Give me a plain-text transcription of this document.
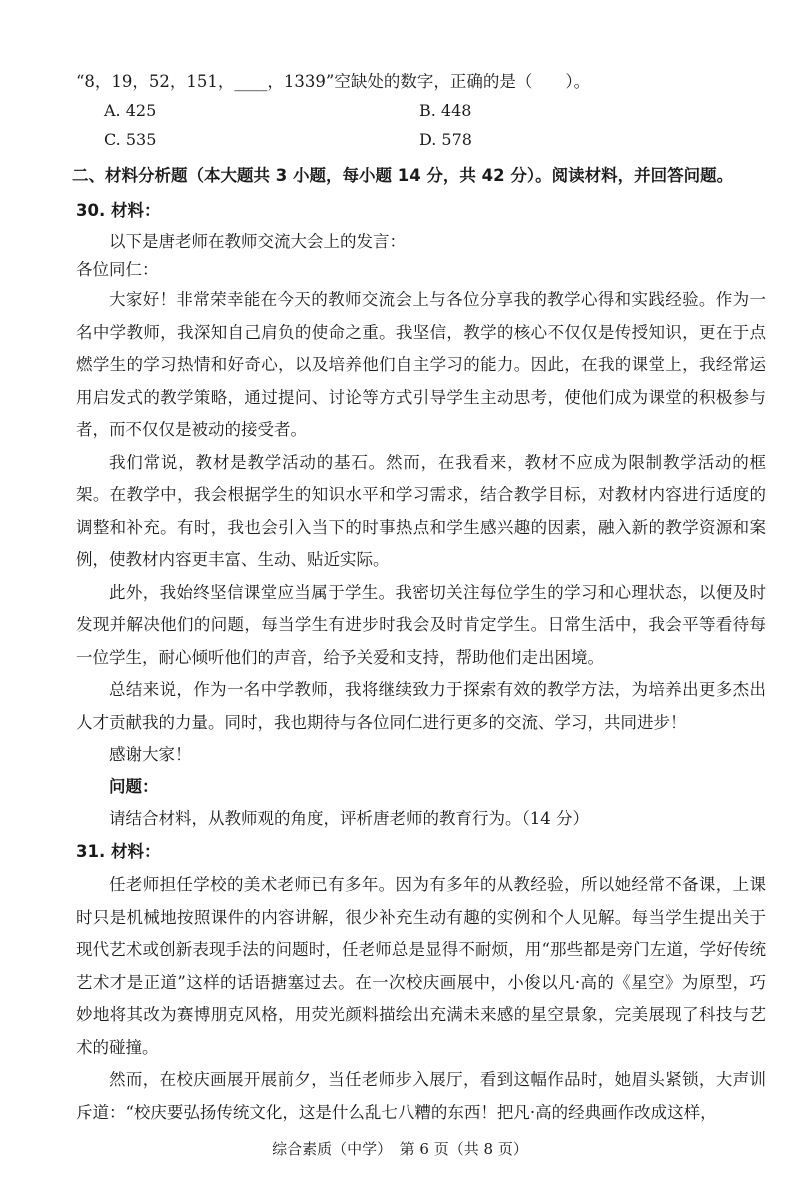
“8，19，52，151，____，1339”空缺处的数字，正确的是（　　）。
A. 425	B. 448
C. 535	D. 578
二、材料分析题（本大题共 3 小题，每小题 14 分，共 42 分）。阅读材料，并回答问题。
30. 材料：
以下是唐老师在教师交流大会上的发言：
各位同仁：
大家好！非常荣幸能在今天的教师交流会上与各位分享我的教学心得和实践经验。作为一名中学教师，我深知自己肩负的使命之重。我坚信，教学的核心不仅仅是传授知识，更在于点燃学生的学习热情和好奇心，以及培养他们自主学习的能力。因此，在我的课堂上，我经常运用启发式的教学策略，通过提问、讨论等方式引导学生主动思考，使他们成为课堂的积极参与者，而不仅仅是被动的接受者。
我们常说，教材是教学活动的基石。然而，在我看来，教材不应成为限制教学活动的框架。在教学中，我会根据学生的知识水平和学习需求，结合教学目标，对教材内容进行适度的调整和补充。有时，我也会引入当下的时事热点和学生感兴趣的因素，融入新的教学资源和案例，使教材内容更丰富、生动、贴近实际。
此外，我始终坚信课堂应当属于学生。我密切关注每位学生的学习和心理状态，以便及时发现并解决他们的问题，每当学生有进步时我会及时肯定学生。日常生活中，我会平等看待每一位学生，耐心倾听他们的声音，给予关爱和支持，帮助他们走出困境。
总结来说，作为一名中学教师，我将继续致力于探索有效的教学方法，为培养出更多杰出人才贡献我的力量。同时，我也期待与各位同仁进行更多的交流、学习，共同进步！
感谢大家！
问题：
请结合材料，从教师观的角度，评析唐老师的教育行为。（14 分）
31. 材料：
任老师担任学校的美术老师已有多年。因为有多年的从教经验，所以她经常不备课，上课时只是机械地按照课件的内容讲解，很少补充生动有趣的实例和个人见解。每当学生提出关于现代艺术或创新表现手法的问题时，任老师总是显得不耐烦，用“那些都是旁门左道，学好传统艺术才是正道”这样的话语搪塞过去。在一次校庆画展中，小俊以凡·高的《星空》为原型，巧妙地将其改为赛博朋克风格，用荧光颜料描绘出充满未来感的星空景象，完美展现了科技与艺术的碰撞。
然而，在校庆画展开展前夕，当任老师步入展厅，看到这幅作品时，她眉头紧锁，大声训斥道：“校庆要弘扬传统文化，这是什么乱七八糟的东西！把凡·高的经典画作改成这样，
综合素质（中学）　第 6 页（共 8 页）
